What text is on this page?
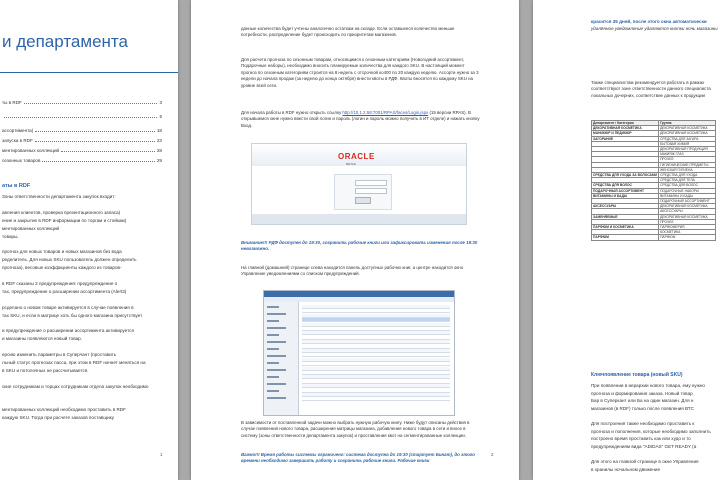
и департамента
ты в RDF	3
5
ассортимента)	18
запуска в RDF	23
ментированных коллекций	28
сезонных товаров	29
аты в RDF
Зоны ответственности департамента закупок входит:
авления клиентов, проверка презентационного запаса)
ение и закрытие в RDF информации по торгам и стойкам)
ментированных коллекций
товары.
прогноз для новых товаров и новых магазинов без вода
ределитель. Для новых SKU пользователь должен определить
прогноза), весовые коэффициенты каждого из товаров-
в RDF сказаны 2 предупреждения: предупреждение о
тах, предупреждение о расширении ассортимента (Alert3)
рсделано о новом товаре активируется в случае появления в
тах SKU, и если в матрице хоть бы одного магазина присутствует
и предупреждение о расширении ассортимента активируется
и магазины появляются новый товар.
ерсию изменить параметры в Суперчант (проставить
льный статус прогнозах пасса, при этом в RDF начнет меняться на
в SKU и потолочных не рассчитывается.
ские сотрудникам и торцах сотрудникам отдела закупок необходимо
ментированных коллекций необходимо проставить в RDF
каждую SKU. Тогда при расчете заказов поставщику
1
данные количества будет учтены аналогично остаткам на складе. Если оставшееся количество меньше потребности, распределение будет происходить по приоритетам магазинов.
Для расчета прогноза по сезонным товарам, относящимся к сезонным категориям (Новогодний ассортимент, Подарочные наборы), необходимо вносить планируемые количества для каждого SKU. В настоящий момент прогноз по сезонным категориям строится на 8 недель с отсрочкой ко400 по 20 каждую неделю. Ассорти нужно за 3 недели до начала продаж (за неделю до конца октября) внести квоты в РДФ. Квоты вносятся по каждому SKU на уровне всей сети.
Для начала работы в RDF нужно открыть ссылку http://10.1.2.58:7001/RPAS/faces/Login.jspx (15 версии RPAS). В открывшемся окне нужно ввести свой логин и пароль (логин и пароль можно получить в ИТ отделе) и нажать кнопку Вход.
ORACLE
RETAIL
Внимание!!! РДФ доступен до 19:30, сохранить рабочие книги или зафиксировать изменения после 19:30 невозможно.
На главной (домашней) странице слева находится панель доступных рабочих книг, а центре находится окно Управление уведомлениями со списком предупреждений.
В зависимости от поставленной задачи можно выбрать нужную рабочую книгу. Ниже будут описаны действия в случае появления нового товара, расширения матрицы магазина, добавления нового товара в сети и вносе в систему (зоны ответственности департамента закупок) и проставления квот на сегментированные коллекции.
Важно!!! Время работы системы ограничено: система доступна до 19:30 (стартует Бинат), до этого времени необходимо завершить работу и сохранить рабочие книги. Рабочие книги
2
красится 35 дней, после этого окна автоматически
удалённое уведомление удаляются кнопки ночь магазины
Также специалистам рекомендуется работать в рамках соответствуют зоне ответственности данного специалиста локальных дочерних, соответствие данных к продукции
Департамент / Категория	Группа
ДЕКОРАТИВНАЯ КОСМЕТИКА	ДЕКОРАТИВНАЯ КОСМЕТИКА
МАНИКЮР И ПЕДИКЮР	ДЕКОРАТИВНАЯ КОСМЕТИКА
ЗАГОРАНИЕ	СРЕДСТВА ДЛЯ ЗАГАРА
	БЫТОВАЯ ХИМИЯ
	ДЕКОРАТИВНАЯ ПРОДУКЦИЯ
	МАКИЯЖ ГЛАЗ
	ПРОЧЕЕ
	ГИГИЕНИЧЕСКИЕ ПРЕДМЕТЫ
	ЖЕНСКАЯ ГИГИЕНА
СРЕДСТВА ДЛЯ УХОДА ЗА ВОЛОСАМИ	СРЕДСТВА ДЛЯ УХОДА
	СРЕДСТВА ДЛЯ ТЕЛА
СРЕДСТВА ДЛЯ ВОЛОС	СРЕДСТВА ДЛЯ ВОЛОС
ПОДАРОЧНЫЙ АССОРТИМЕНТ	ПОДАРОЧНЫЕ НАБОРЫ
ВИТАМИНЫ И БАДЫ	ВИТАМИНЫ И БАДЫ
	ПОДАРОЧНЫЙ АССОРТИМЕНТ
АКСЕССУАРЫ	ДЕКОРАТИВНАЯ КОСМЕТИКА
	АКСЕССУАРЫ
ЗАМЕНЯЕМЫЕ	ДЕКОРАТИВНАЯ КОСМЕТИКА
	ПРОЧЕЕ
ПАРФЮМ И КОСМЕТИКА	ПАРФЮМЕРИЯ
	КОСМЕТИКА
ПАРФЮМ	ПАРФЮМ
Ключпоявление товара (новый SKU)
При появлении в иерархии нового товара, ему нужно
прогноза и формирования заказа. Новый товар
Бар в Суперкант или Ба на один магазин. Для н
магазинов (в RDF) только после появления ВТС
Для построения также необходимо проставить к
прогноза и пополнения, которые необходимо заполнить
построено время проставить как или худо и то
предупреждениям вида "ADIDAS" GET READY (а
Для этого на главной странице в окне Управления
в хранилы ночальном движение
